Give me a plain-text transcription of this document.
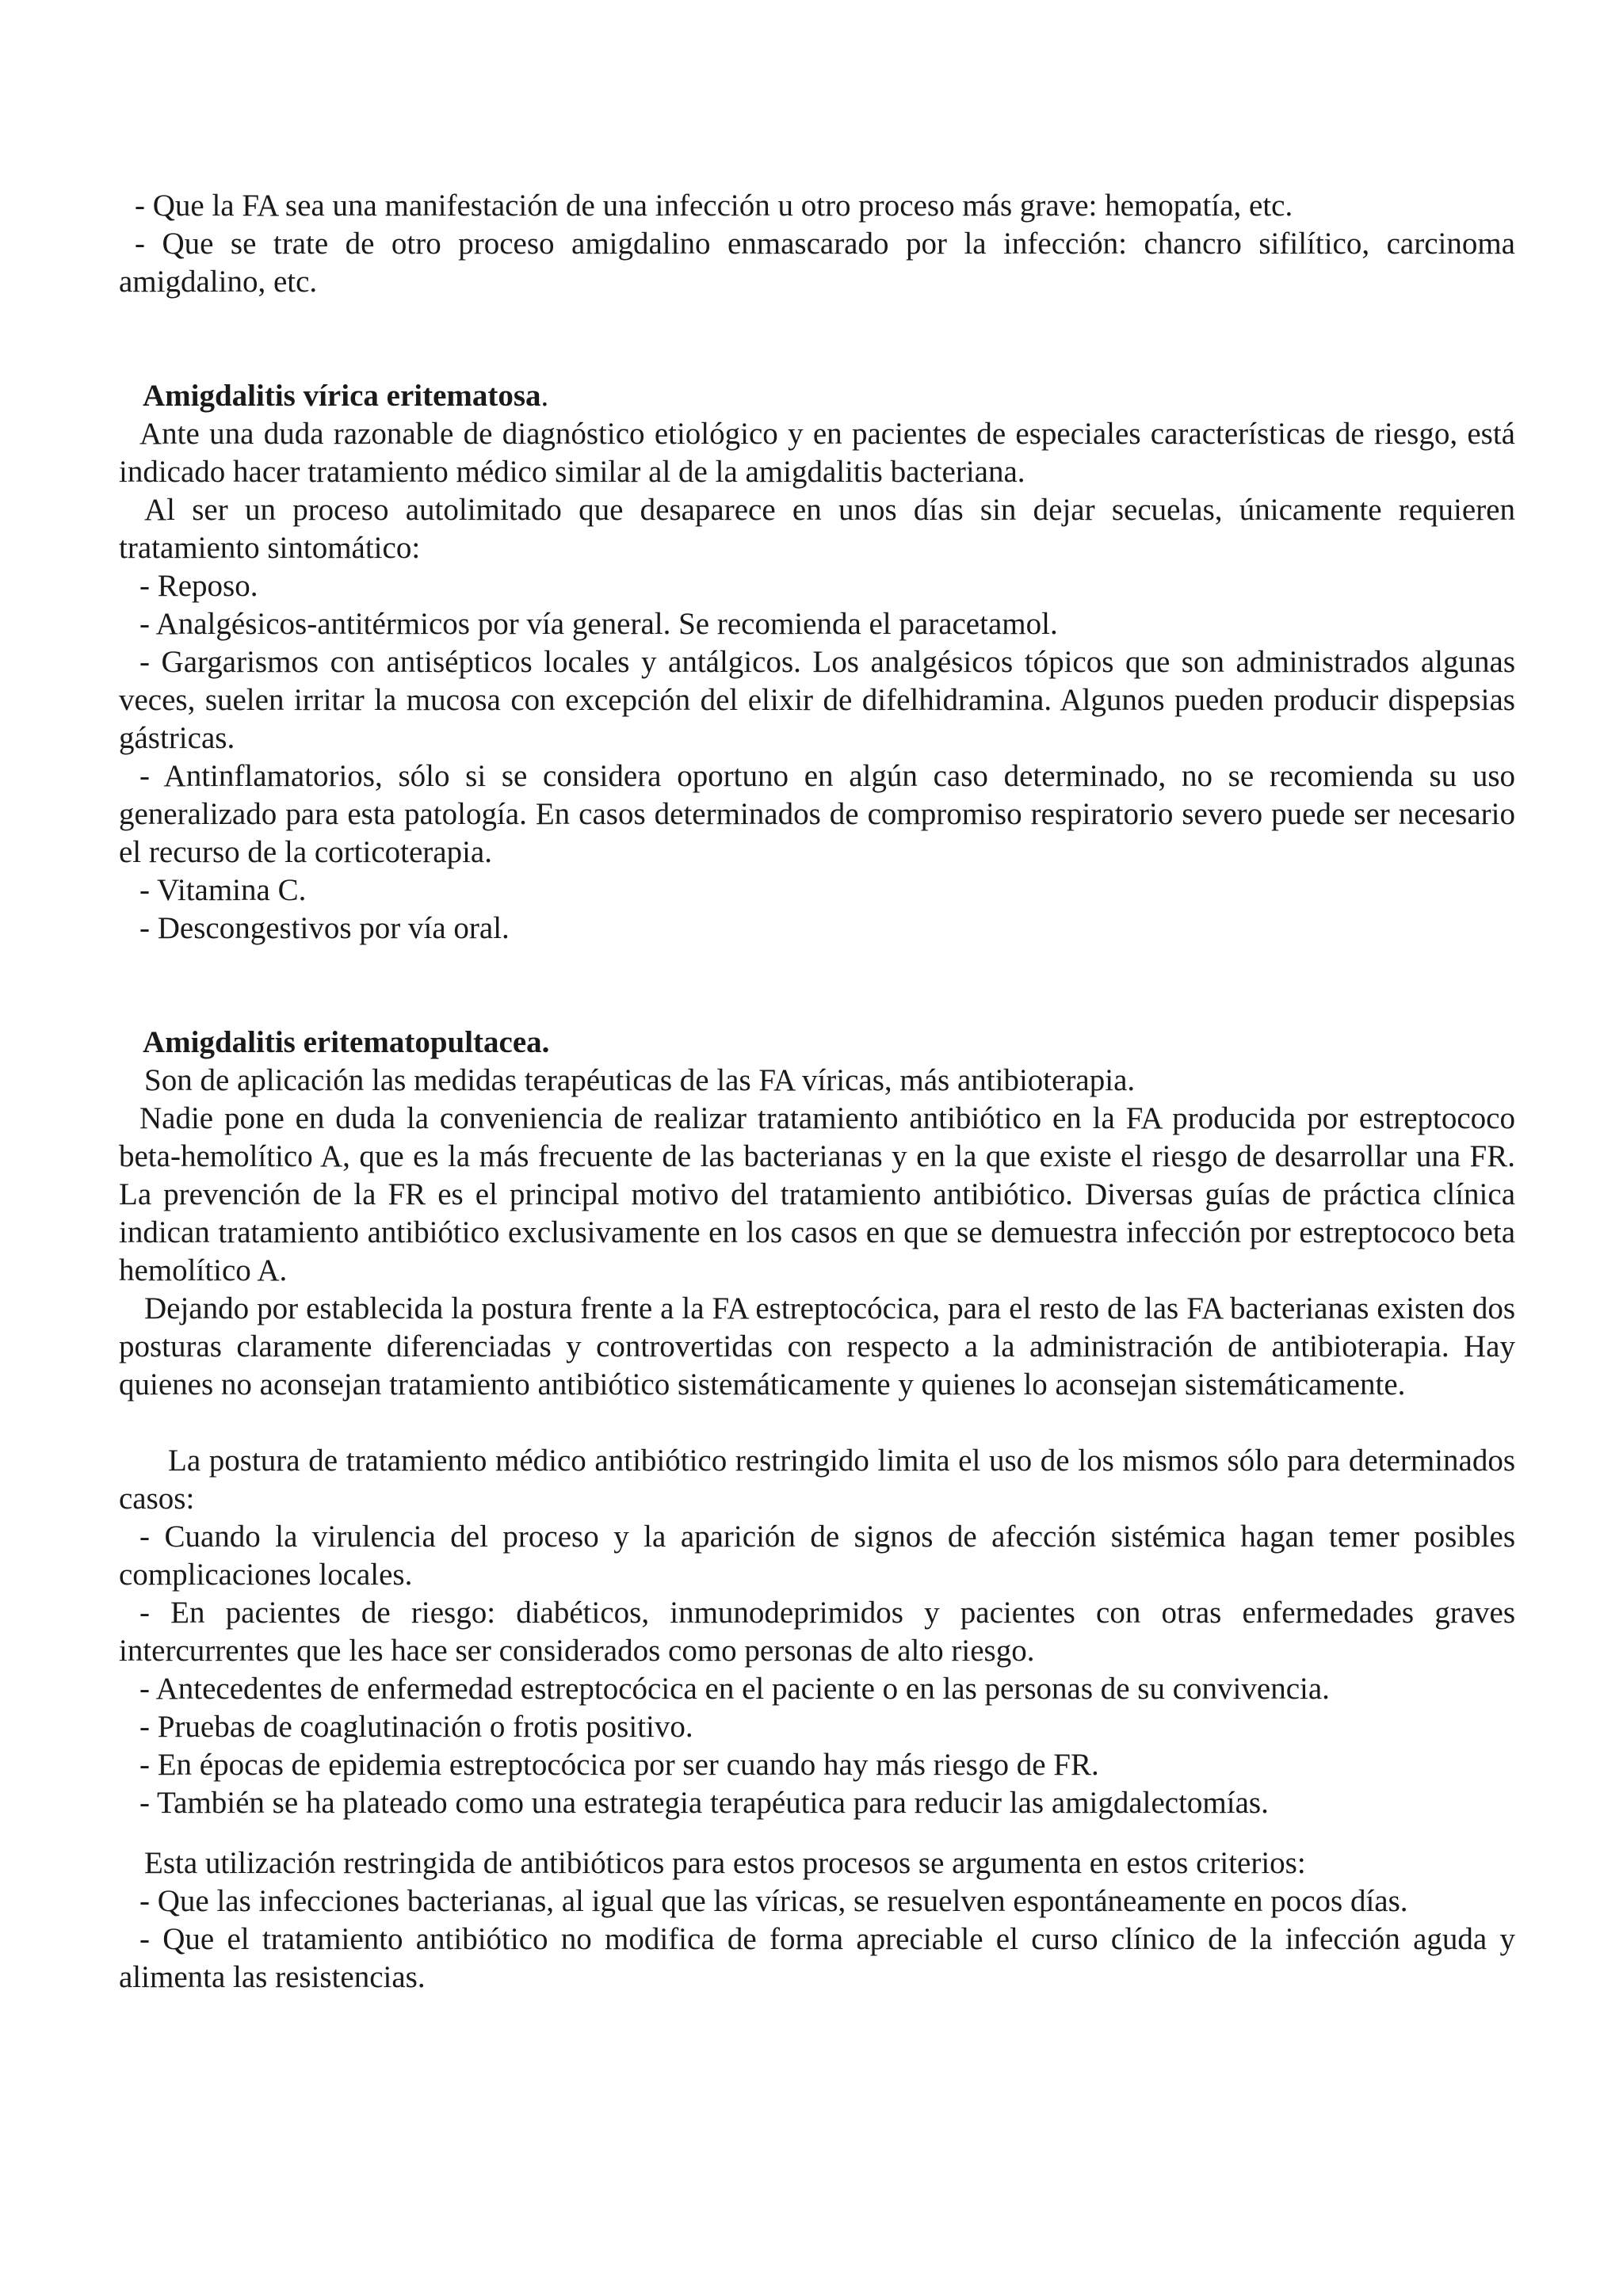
- Que la FA sea una manifestación de una infección u otro proceso más grave: hemopatía, etc.

- Que se trate de otro proceso amigdalino enmascarado por la infección: chancro sifilítico, carcinoma amigdalino, etc.

Amigdalitis vírica eritematosa.

Ante una duda razonable de diagnóstico etiológico y en pacientes de especiales características de riesgo, está indicado hacer tratamiento médico similar al de la amigdalitis bacteriana.

Al ser un proceso autolimitado que desaparece en unos días sin dejar secuelas, únicamente requieren tratamiento sintomático:

- Reposo.

- Analgésicos-antitérmicos por vía general. Se recomienda el paracetamol.

- Gargarismos con antisépticos locales y antálgicos. Los analgésicos tópicos que son administrados algunas veces, suelen irritar la mucosa con excepción del elixir de difelhidramina. Algunos pueden producir dispepsias gástricas.

- Antinflamatorios, sólo si se considera oportuno en algún caso determinado, no se recomienda su uso generalizado para esta patología. En casos determinados de compromiso respiratorio severo puede ser necesario el recurso de la corticoterapia.

- Vitamina C.

- Descongestivos por vía oral.

Amigdalitis eritematopultacea.

Son de aplicación las medidas terapéuticas de las FA víricas, más antibioterapia.

Nadie pone en duda la conveniencia de realizar tratamiento antibiótico en la FA producida por estreptococo beta-hemolítico A, que es la más frecuente de las bacterianas y en la que existe el riesgo de desarrollar una FR. La prevención de la FR es el principal motivo del tratamiento antibiótico. Diversas guías de práctica clínica indican tratamiento antibiótico exclusivamente en los casos en que se demuestra infección por estreptococo beta hemolítico A.

Dejando por establecida la postura frente a la FA estreptocócica, para el resto de las FA bacterianas existen dos posturas claramente diferenciadas y controvertidas con respecto a la administración de antibioterapia. Hay quienes no aconsejan tratamiento antibiótico sistemáticamente y quienes lo aconsejan sistemáticamente.

La postura de tratamiento médico antibiótico restringido limita el uso de los mismos sólo para determinados casos:

- Cuando la virulencia del proceso y la aparición de signos de afección sistémica hagan temer posibles complicaciones locales.

- En pacientes de riesgo: diabéticos, inmunodeprimidos y pacientes con otras enfermedades graves intercurrentes que les hace ser considerados como personas de alto riesgo.

- Antecedentes de enfermedad estreptocócica en el paciente o en las personas de su convivencia.

- Pruebas de coaglutinación o frotis positivo.

- En épocas de epidemia estreptocócica por ser cuando hay más riesgo de FR.

- También se ha plateado como una estrategia terapéutica para reducir las amigdalectomías.

Esta utilización restringida de antibióticos para estos procesos se argumenta en estos criterios:

- Que las infecciones bacterianas, al igual que las víricas, se resuelven espontáneamente en pocos días.

- Que el tratamiento antibiótico no modifica de forma apreciable el curso clínico de la infección aguda y alimenta las resistencias.
